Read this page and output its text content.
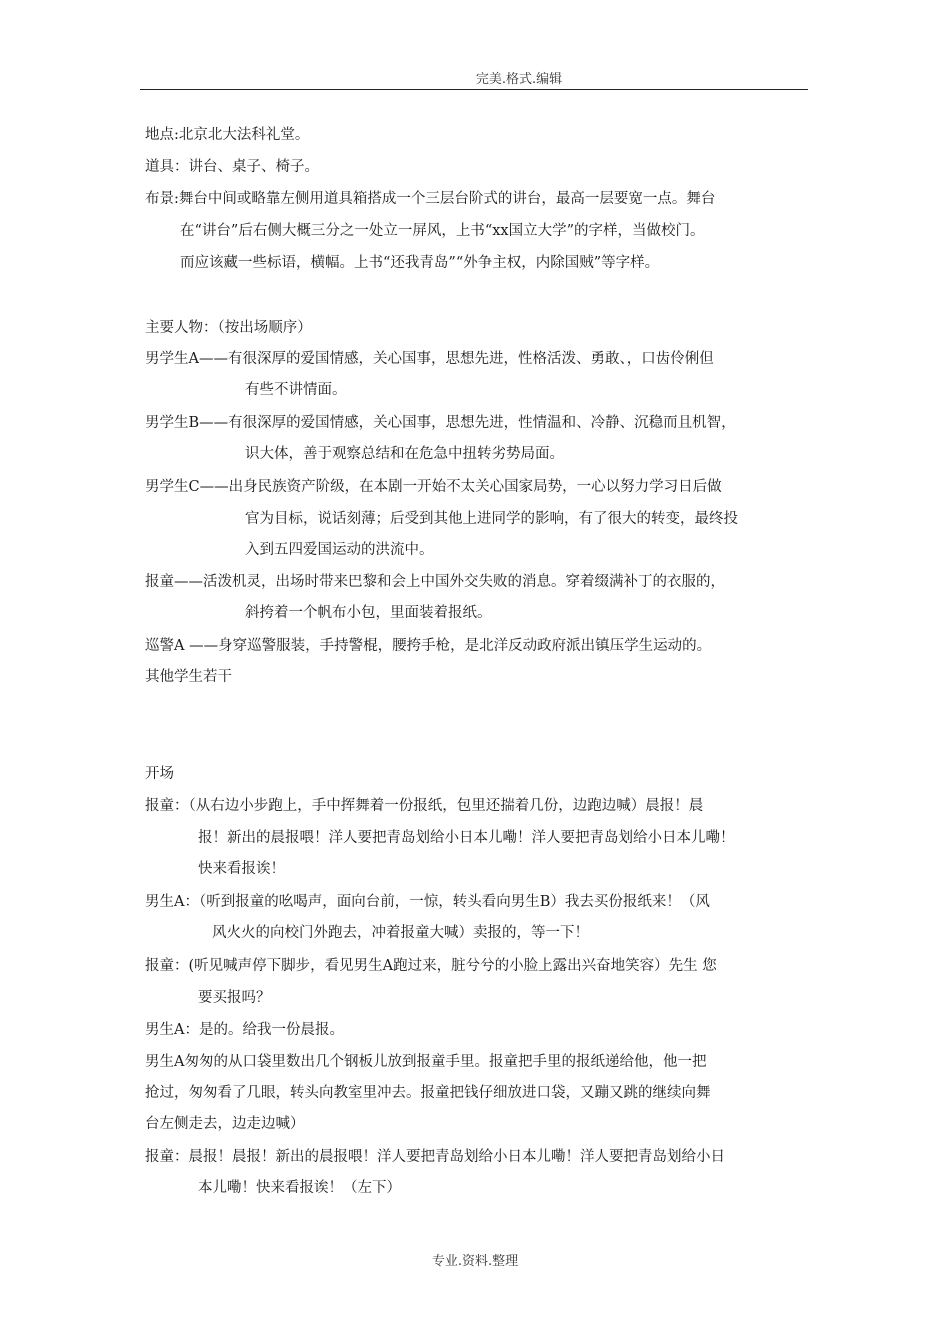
完美.格式.编辑
地点:北京北大法科礼堂。
道具：讲台、桌子、椅子。
布景:舞台中间或略靠左侧用道具箱搭成一个三层台阶式的讲台，最高一层要宽一点。舞台
在“讲台”后右侧大概三分之一处立一屏风，上书“xx国立大学”的字样，当做校门。
而应该藏一些标语，横幅。上书“还我青岛”“外争主权，内除国贼”等字样。
主要人物：（按出场顺序）
男学生A——有很深厚的爱国情感，关心国事，思想先进，性格活泼、勇敢、，口齿伶俐但
有些不讲情面。
男学生B——有很深厚的爱国情感，关心国事，思想先进，性情温和、冷静、沉稳而且机智，
识大体，善于观察总结和在危急中扭转劣势局面。
男学生C——出身民族资产阶级，在本剧一开始不太关心国家局势，一心以努力学习日后做
官为目标，说话刻薄；后受到其他上进同学的影响，有了很大的转变，最终投
入到五四爱国运动的洪流中。
报童——活泼机灵，出场时带来巴黎和会上中国外交失败的消息。穿着缀满补丁的衣服的，
斜挎着一个帆布小包，里面装着报纸。
巡警A ——身穿巡警服装，手持警棍，腰挎手枪，是北洋反动政府派出镇压学生运动的。
其他学生若干
开场
报童：（从右边小步跑上，手中挥舞着一份报纸，包里还揣着几份，边跑边喊）晨报！晨
报！新出的晨报喂！洋人要把青岛划给小日本儿嘞！洋人要把青岛划给小日本儿嘞！
快来看报诶！
男生A：（听到报童的吆喝声，面向台前，一惊，转头看向男生B）我去买份报纸来！（风
风火火的向校门外跑去，冲着报童大喊）卖报的，等一下！
报童：(听见喊声停下脚步，看见男生A跑过来，脏兮兮的小脸上露出兴奋地笑容）先生 您
要买报吗？
男生A：是的。给我一份晨报。
男生A匆匆的从口袋里数出几个钢板儿放到报童手里。报童把手里的报纸递给他，他一把
抢过，匆匆看了几眼，转头向教室里冲去。报童把钱仔细放进口袋，又蹦又跳的继续向舞
台左侧走去，边走边喊）
报童：晨报！晨报！新出的晨报喂！洋人要把青岛划给小日本儿嘞！洋人要把青岛划给小日
本儿嘞！快来看报诶！（左下）
专业.资料.整理
